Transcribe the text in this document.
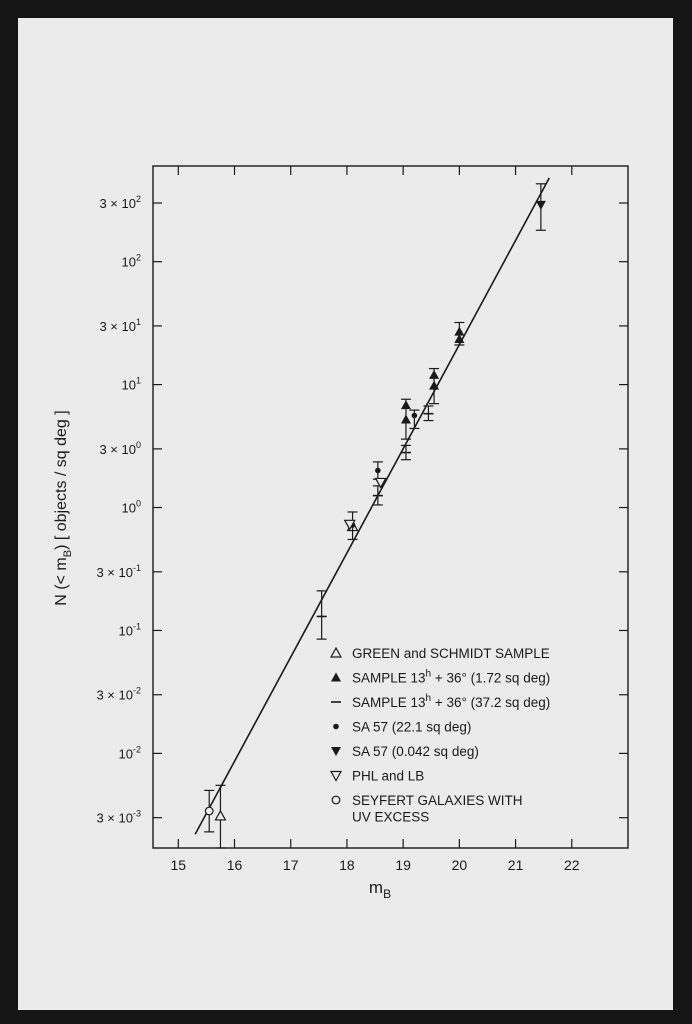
15	16	17	18	19	20	21	22
$3 \times 10^{-3}$
$10^{-2}$
$3 \times 10^{-2}$
$10^{-1}$
$3 \times 10^{-1}$
$10^0$
$3 \times 10^0$
$10^1$
$3 \times 10^1$
$10^2$
$3 \times 10^2$
$m_B$
N (< $m_B$) [ objects / sq deg ]
GREEN and SCHMIDT SAMPLE
SAMPLE $13^h + 36^\circ$ (1.72 sq deg)
SAMPLE $13^h + 36^\circ$ (37.2 sq deg)
SA 57 (22.1 sq deg)
SA 57 (0.042 sq deg)
PHL and LB
SEYFERT GALAXIES WITH
UV EXCESS
